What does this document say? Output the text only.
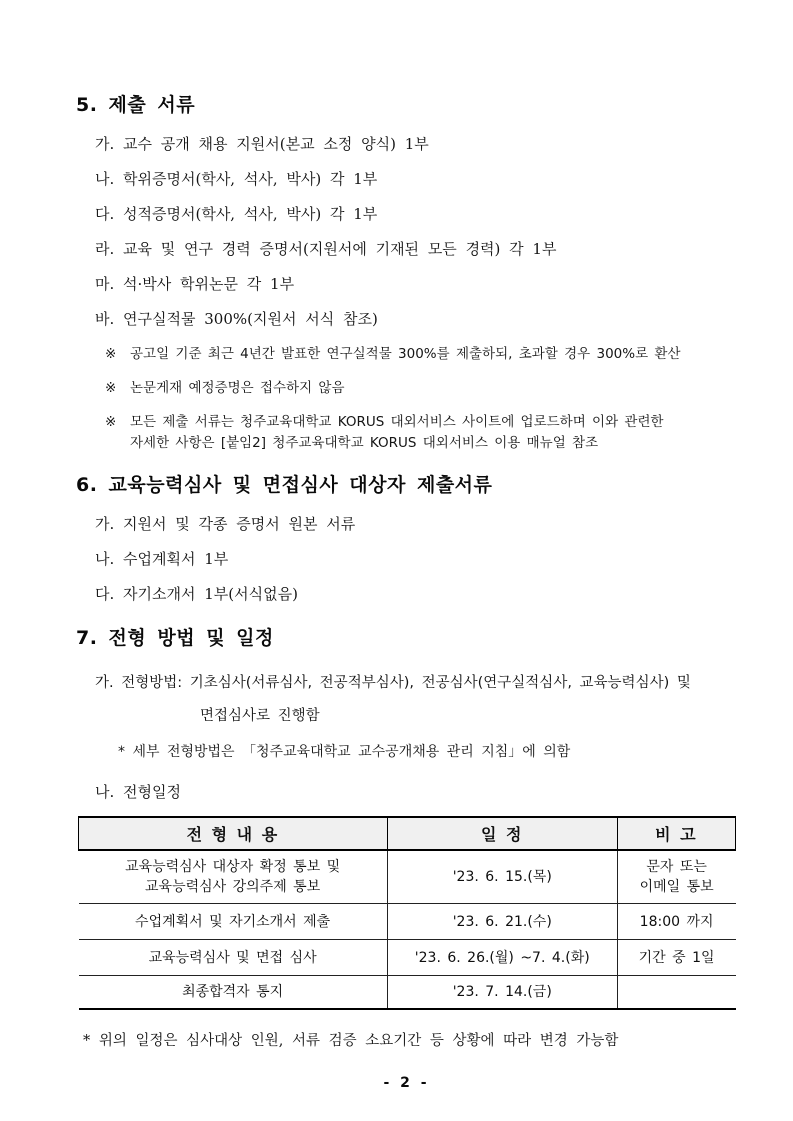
5. 제출 서류

가. 교수 공개 채용 지원서(본교 소정 양식) 1부

나. 학위증명서(학사, 석사, 박사) 각 1부

다. 성적증명서(학사, 석사, 박사) 각 1부

라. 교육 및 연구 경력 증명서(지원서에 기재된 모든 경력) 각 1부

마. 석·박사 학위논문 각 1부

바. 연구실적물 300%(지원서 서식 참조)

※	공고일 기준 최근 4년간 발표한 연구실적물 300%를 제출하되, 초과할 경우 300%로 환산
※	논문게재 예정증명은 접수하지 않음
※	모든 제출 서류는 청주교육대학교 KORUS 대외서비스 사이트에 업로드하며 이와 관련한
자세한 사항은 [붙임2] 청주교육대학교 KORUS 대외서비스 이용 매뉴얼 참조
6. 교육능력심사 및 면접심사 대상자 제출서류

가. 지원서 및 각종 증명서 원본 서류

나. 수업계획서 1부

다. 자기소개서 1부(서식없음)

7. 전형 방법 및 일정
가. 전형방법: 기초심사(서류심사, 전공적부심사), 전공심사(연구실적심사, 교육능력심사) 및
면접심사로 진행함

* 세부 전형방법은 「청주교육대학교 교수공개채용 관리 지침」에 의함

나. 전형일정

전 형 내 용	일 정	비 고
교육능력심사 대상자 확정 통보 및
교육능력심사 강의주제 통보	'23. 6. 15.(목)	문자 또는
이메일 통보
수업계획서 및 자기소개서 제출	'23. 6. 21.(수)	18:00 까지
교육능력심사 및 면접 심사	'23. 6. 26.(월) ~7. 4.(화)	기간 중 1일
최종합격자 통지	'23. 7. 14.(금)	

* 위의 일정은 심사대상 인원, 서류 검증 소요기간 등 상황에 따라 변경 가능함

- 2 -
